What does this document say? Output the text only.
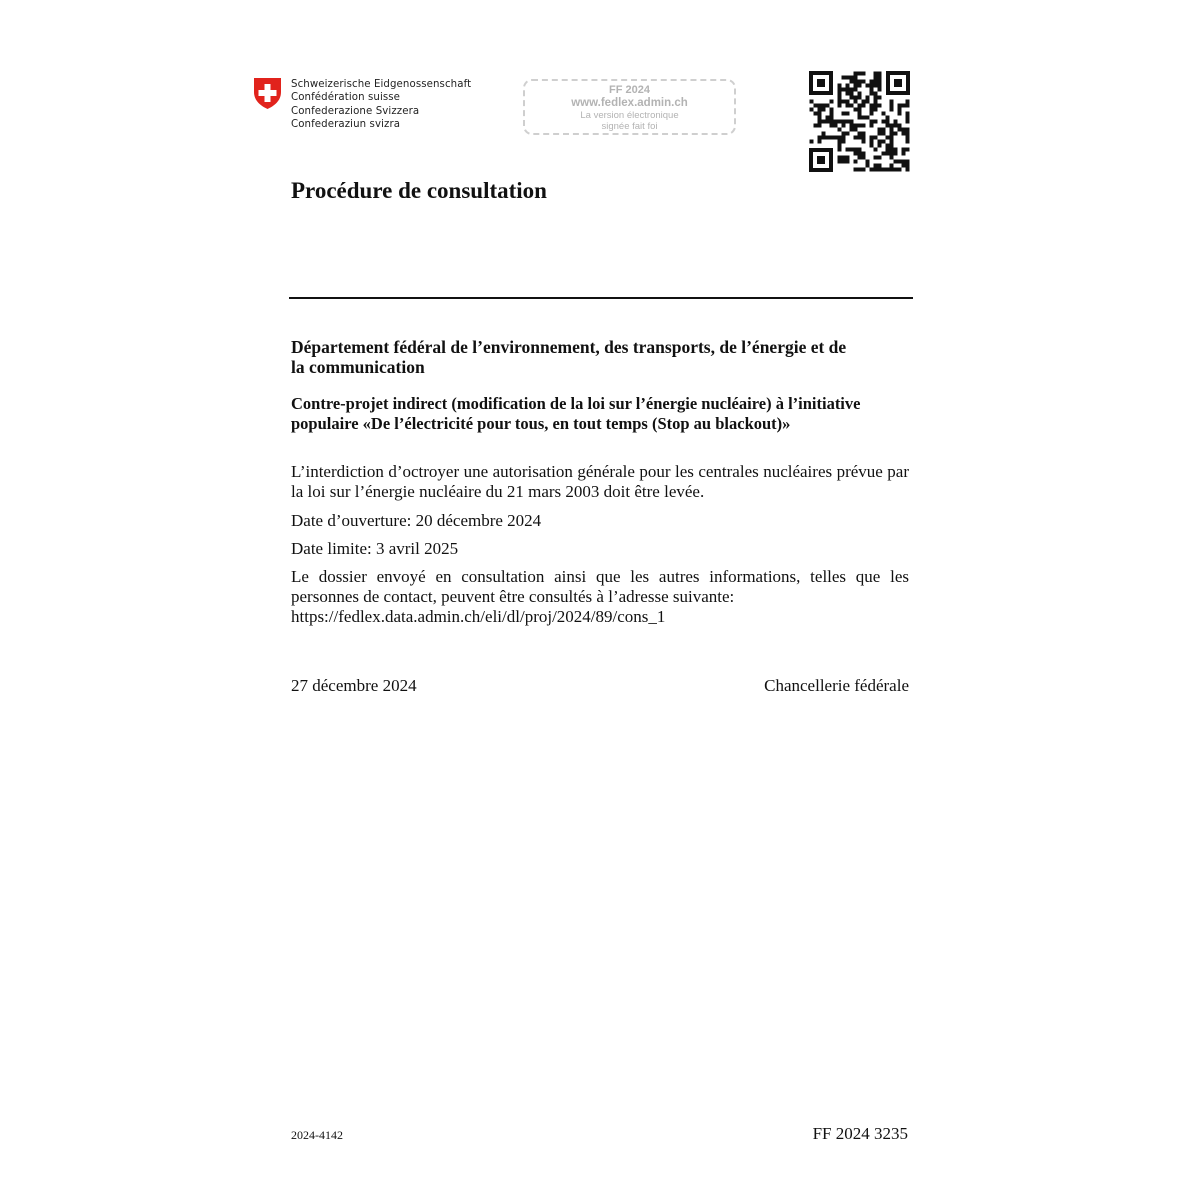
Schweizerische Eidgenossenschaft
Confédération suisse
Confederazione Svizzera
Confederaziun svizra
FF 2024
www.fedlex.admin.ch
La version électronique
signée fait foi
Procédure de consultation
Département fédéral de l’environnement, des transports, de l’énergie et de la communication
Contre-projet indirect (modification de la loi sur l’énergie nucléaire) à l’initiative populaire «De l’électricité pour tous, en tout temps (Stop au blackout)»
L’interdiction d’octroyer une autorisation générale pour les centrales nucléaires prévue par la loi sur l’énergie nucléaire du 21 mars 2003 doit être levée.
Date d’ouverture: 20 décembre 2024
Date limite: 3 avril 2025
Le dossier envoyé en consultation ainsi que les autres informations, telles que les personnes de contact, peuvent être consultés à l’adresse suivante:
https://fedlex.data.admin.ch/eli/dl/proj/2024/89/cons_1
27 décembre 2024	Chancellerie fédérale
2024-4142	FF 2024 3235
